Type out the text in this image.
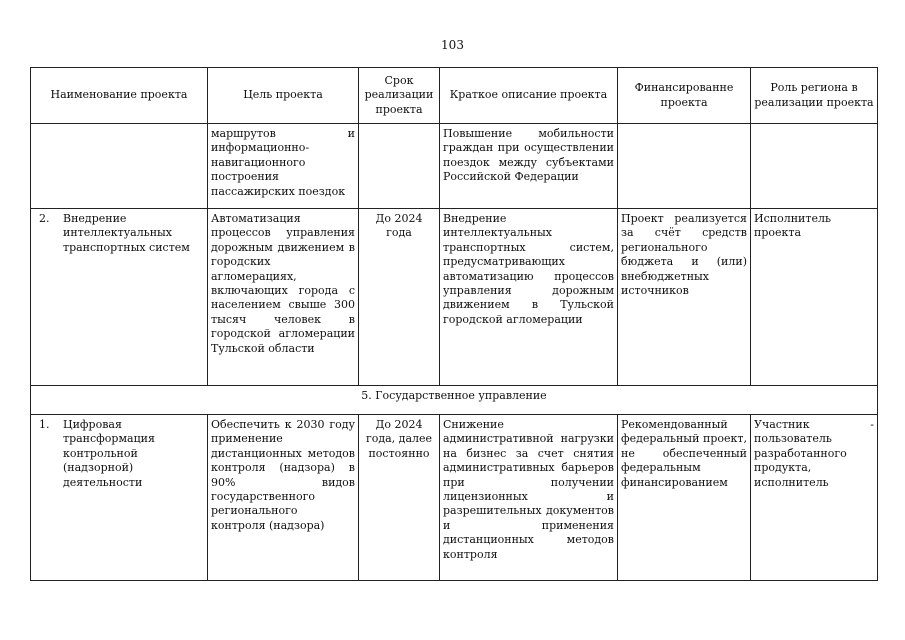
103
Наименование проекта	Цель проекта	Срок реализации проекта	Краткое описание проекта	Финансированне проекта	Роль региона в реализации проекта
	маршрутов и информационно-навигационного построения пассажирских поездок		Повышение мобильности граждан при осуществлении поездок между субъектами Российской Федерации		

2. Внедрение интеллектуальных транспортных систем	Автоматизация процессов управления дорожным движением в городских агломерациях, включающих города с населением свыше 300 тысяч человек в городской агломерации Тульской области	До 2024 года	Внедрение интеллектуальных транспортных систем, предусматривающих автоматизацию процессов управления дорожным движением в Тульской городской агломерации	Проект реализуется за счёт средств регионального бюджета и (или) внебюджетных источников	Исполнитель проекта
5. Государственное управление					

1. Цифровая трансформация контрольной (надзорной) деятельности	Обеспечить к 2030 году применение дистанционных методов контроля (надзора) в 90% видов государственного регионального контроля (надзора)	До 2024 года, далее постоянно	Снижение административной нагрузки на бизнес за счет снятия административных барьеров при получении лицензионных и разрешительных документов и применения дистанционных методов контроля	Рекомендованный федеральный проект, не обеспеченный федеральным финансированием	Участник - пользователь разработанного продукта, исполнитель
